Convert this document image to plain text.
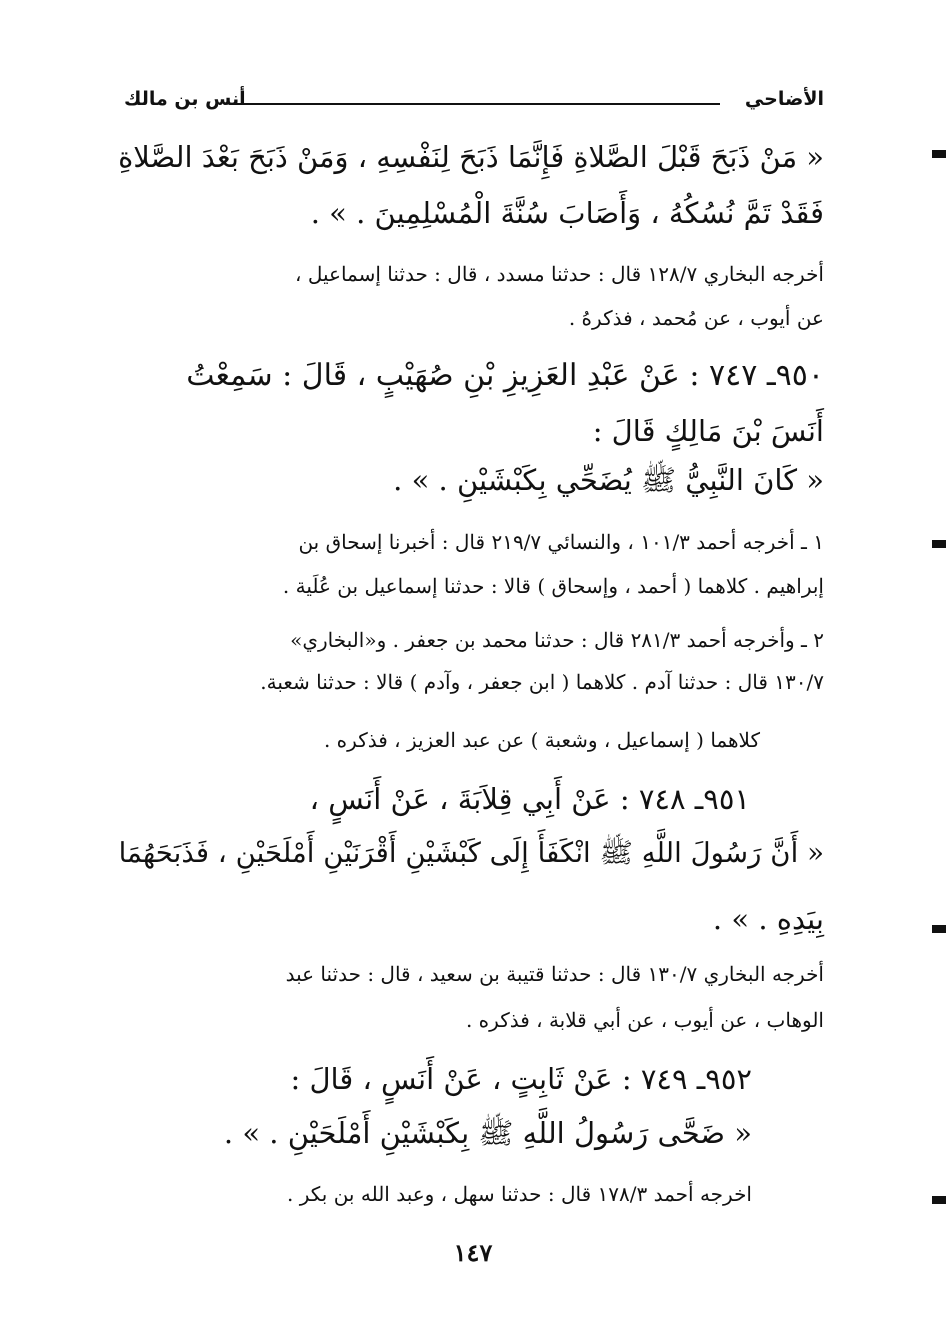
الأضاحي
أنس بن مالك
« مَنْ ذَبَحَ قَبْلَ الصَّلاةِ فَإِنَّمَا ذَبَحَ لِنَفْسِهِ ، وَمَنْ ذَبَحَ بَعْدَ الصَّلاةِ
فَقَدْ تَمَّ نُسُكُهُ ، وَأَصَابَ سُنَّةَ الْمُسْلِمِينَ . » .
أخرجه البخاري ١٢٨/٧ قال : حدثنا مسدد ، قال : حدثنا إسماعيل ،
عن أيوب ، عن مُحمد ، فذكرهُ .
٩٥٠ـ ٧٤٧ : عَنْ عَبْدِ العَزِيزِ بْنِ صُهَيْبٍ ، قَالَ : سَمِعْتُ
أَنَسَ بْنَ مَالِكٍ قَالَ :
« كَانَ النَّبِيُّ ﷺ يُضَحِّي بِكَبْشَيْنِ . » .
١ ـ أخرجه أحمد ١٠١/٣ ، والنسائي ٢١٩/٧ قال : أخبرنا إسحاق بن
إبراهيم . كلاهما ( أحمد ، وإسحاق ) قالا : حدثنا إسماعيل بن عُلَية .
٢ ـ وأخرجه أحمد ٢٨١/٣ قال : حدثنا محمد بن جعفر . و«البخاري»
١٣٠/٧ قال : حدثنا آدم . كلاهما ( ابن جعفر ، وآدم ) قالا : حدثنا شعبة.
كلاهما ( إسماعيل ، وشعبة ) عن عبد العزيز ، فذكره .
٩٥١ـ ٧٤٨ : عَنْ أَبِي قِلاَبَةَ ، عَنْ أَنَسٍ ،
« أَنَّ رَسُولَ اللَّهِ ﷺ انْكَفَأَ إِلَى كَبْشَيْنِ أَقْرَنَيْنِ أَمْلَحَيْنِ ، فَذَبَحَهُمَا
بِيَدِهِ . » .
أخرجه البخاري ١٣٠/٧ قال : حدثنا قتيبة بن سعيد ، قال : حدثنا عبد
الوهاب ، عن أيوب ، عن أبي قلابة ، فذكره .
٩٥٢ـ ٧٤٩ : عَنْ ثَابِتٍ ، عَنْ أَنَسٍ ، قَالَ :
« ضَحَّى رَسُولُ اللَّهِ ﷺ بِكَبْشَيْنِ أَمْلَحَيْنِ . » .
اخرجه أحمد ١٧٨/٣ قال : حدثنا سهل ، وعبد الله بن بكر .
١٤٧
